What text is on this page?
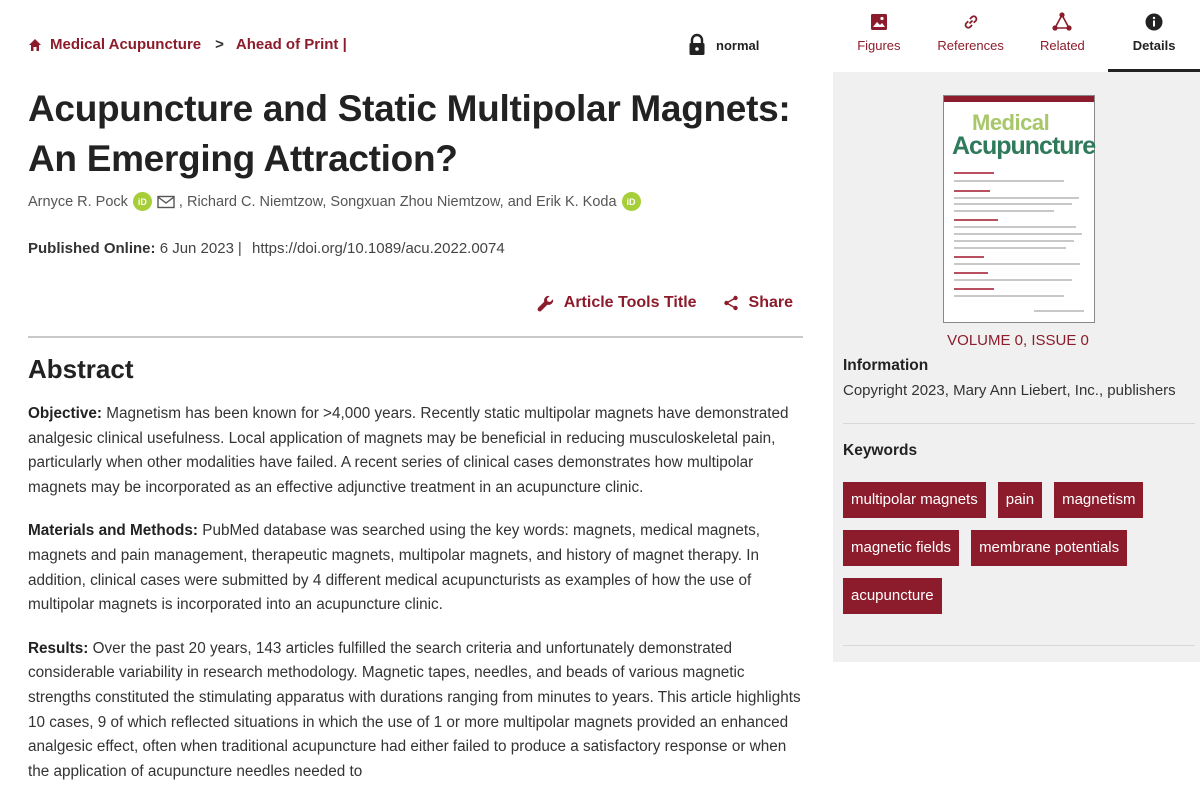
Medical Acupuncture > Ahead of Print |	normal
Acupuncture and Static Multipolar Magnets: An Emerging Attraction?
Arnyce R. Pock	iD	, Richard C. Niemtzow, Songxuan Zhou Niemtzow, and Erik K. Koda	iD
Published Online: 6 Jun 2023 | https://doi.org/10.1089/acu.2022.0074
Article Tools Title	Share
Abstract

Objective: Magnetism has been known for >4,000 years. Recently static multipolar magnets have demonstrated analgesic clinical usefulness. Local application of magnets may be beneficial in reducing musculoskeletal pain, particularly when other modalities have failed. A recent series of clinical cases demonstrates how multipolar magnets may be incorporated as an effective adjunctive treatment in an acupuncture clinic.

Materials and Methods: PubMed database was searched using the key words: magnets, medical magnets, magnets and pain management, therapeutic magnets, multipolar magnets, and history of magnet therapy. In addition, clinical cases were submitted by 4 different medical acupuncturists as examples of how the use of multipolar magnets is incorporated into an acupuncture clinic.

Results: Over the past 20 years, 143 articles fulfilled the search criteria and unfortunately demonstrated considerable variability in research methodology. Magnetic tapes, needles, and beads of various magnetic strengths constituted the stimulating apparatus with durations ranging from minutes to years. This article highlights 10 cases, 9 of which reflected situations in which the use of 1 or more multipolar magnets provided an enhanced analgesic effect, often when traditional acupuncture had either failed to produce a satisfactory response or when the application of acupuncture needles needed to

Figures	References	Related	Details
Medical
Acupuncture
VOLUME 0, ISSUE 0
Information
Copyright 2023, Mary Ann Liebert, Inc., publishers
Keywords
multipolar magnets	pain	magnetism
magnetic fields	membrane potentials
acupuncture
